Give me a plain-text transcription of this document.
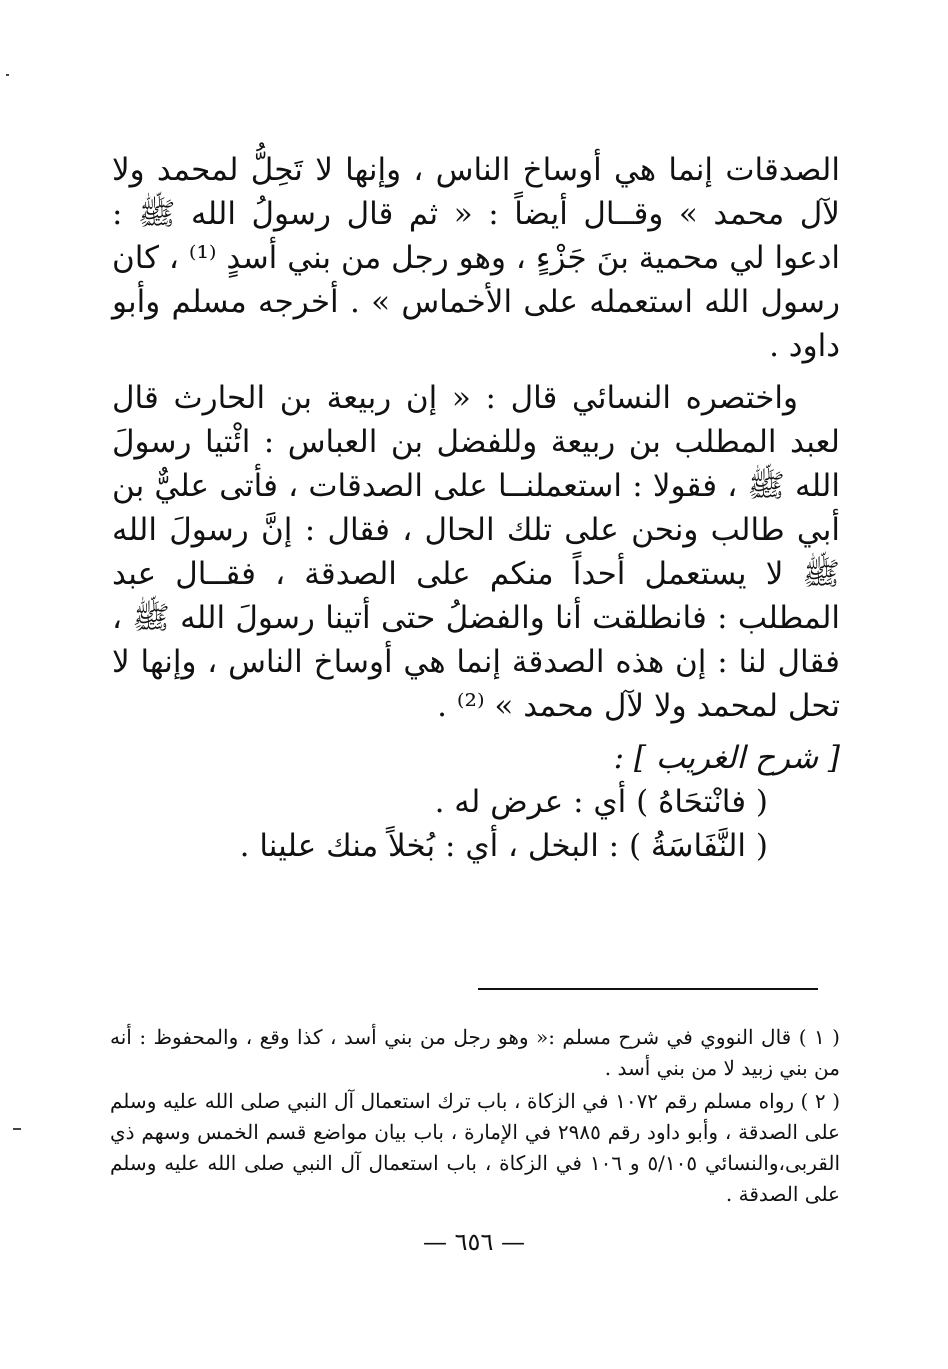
الصدقات إنما هي أوساخ الناس ، وإنها لا تَحِلُّ لمحمد ولا لآل محمد » وقــال أيضاً : « ثم قال رسولُ الله ﷺ : ادعوا لي محمية بنَ جَزْءٍ ، وهو رجل من بني أسدٍ ⁽¹⁾ ، كان رسول الله استعمله على الأخماس » . أخرجه مسلم وأبو داود .

واختصره النسائي قال : « إن ربيعة بن الحارث قال لعبد المطلب بن ربيعة وللفضل بن العباس : ائْتيا رسولَ الله ﷺ ، فقولا : استعملنــا على الصدقات ، فأتى عليٌّ بن أبي طالب ونحن على تلك الحال ، فقال : إنَّ رسولَ الله ﷺ لا يستعمل أحداً منكم على الصدقة ، فقــال عبد المطلب : فانطلقت أنا والفضلُ حتى أتينا رسولَ الله ﷺ ، فقال لنا : إن هذه الصدقة إنما هي أوساخ الناس ، وإنها لا تحل لمحمد ولا لآل محمد » ⁽²⁾ .

[ شرح الغريب ] :

( فانْتحَاهُ ) أي : عرض له .

( النَّفَاسَةُ ) : البخل ، أي : بُخلاً منك علينا .

( ١ ) قال النووي في شرح مسلم :« وهو رجل من بني أسد ، كذا وقع ، والمحفوظ : أنه من بني زبيد لا من بني أسد .

( ٢ ) رواه مسلم رقم ١٠٧٢ في الزكاة ، باب ترك استعمال آل النبي صلى الله عليه وسلم على الصدقة ، وأبو داود رقم ٢٩٨٥ في الإمارة ، باب بيان مواضع قسم الخمس وسهم ذي القربى،والنسائي ٥/١٠٥ و ١٠٦ في الزكاة ، باب استعمال آل النبي صلى الله عليه وسلم على الصدقة .

— ٦٥٦ —
